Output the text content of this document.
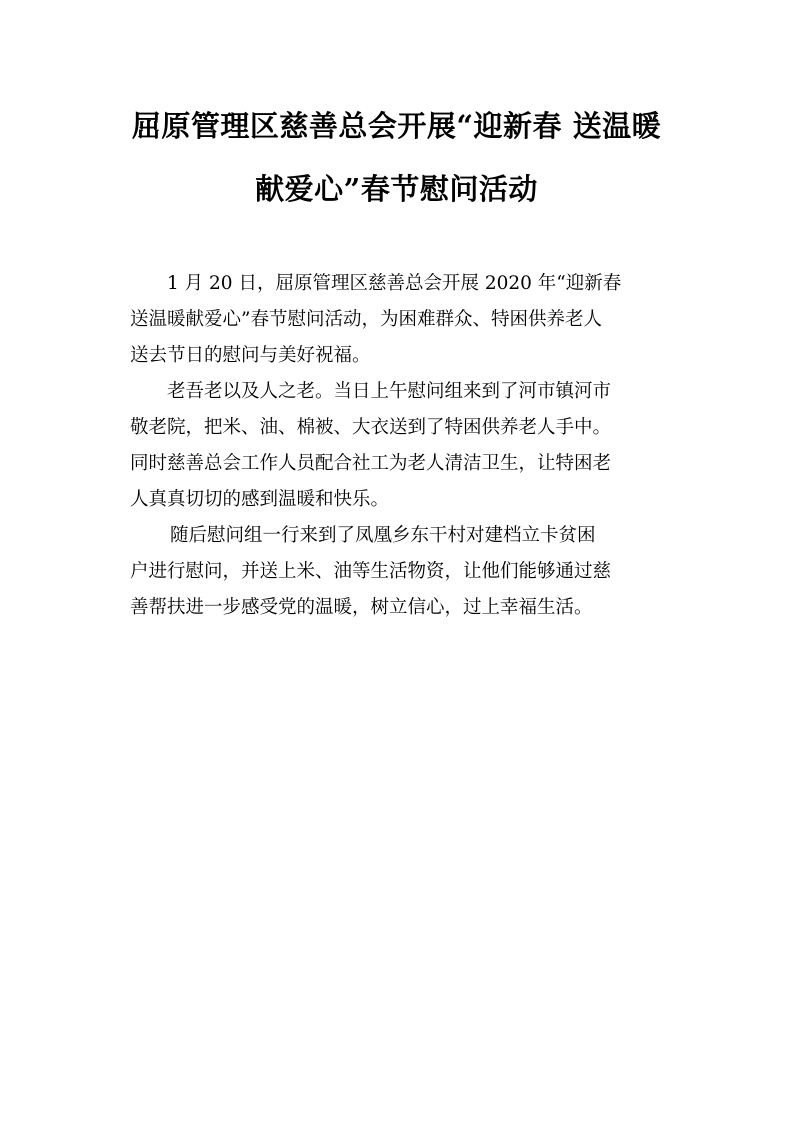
屈原管理区慈善总会开展“迎新春 送温暖
献爱心”春节慰问活动

1 月 20 日，屈原管理区慈善总会开展 2020 年“迎新春
送温暖献爱心”春节慰问活动，为困难群众、特困供养老人
送去节日的慰问与美好祝福。

老吾老以及人之老。当日上午慰问组来到了河市镇河市
敬老院，把米、油、棉被、大衣送到了特困供养老人手中。
同时慈善总会工作人员配合社工为老人清洁卫生，让特困老
人真真切切的感到温暖和快乐。

随后慰问组一行来到了凤凰乡东干村对建档立卡贫困
户进行慰问，并送上米、油等生活物资，让他们能够通过慈
善帮扶进一步感受党的温暖，树立信心，过上幸福生活。
